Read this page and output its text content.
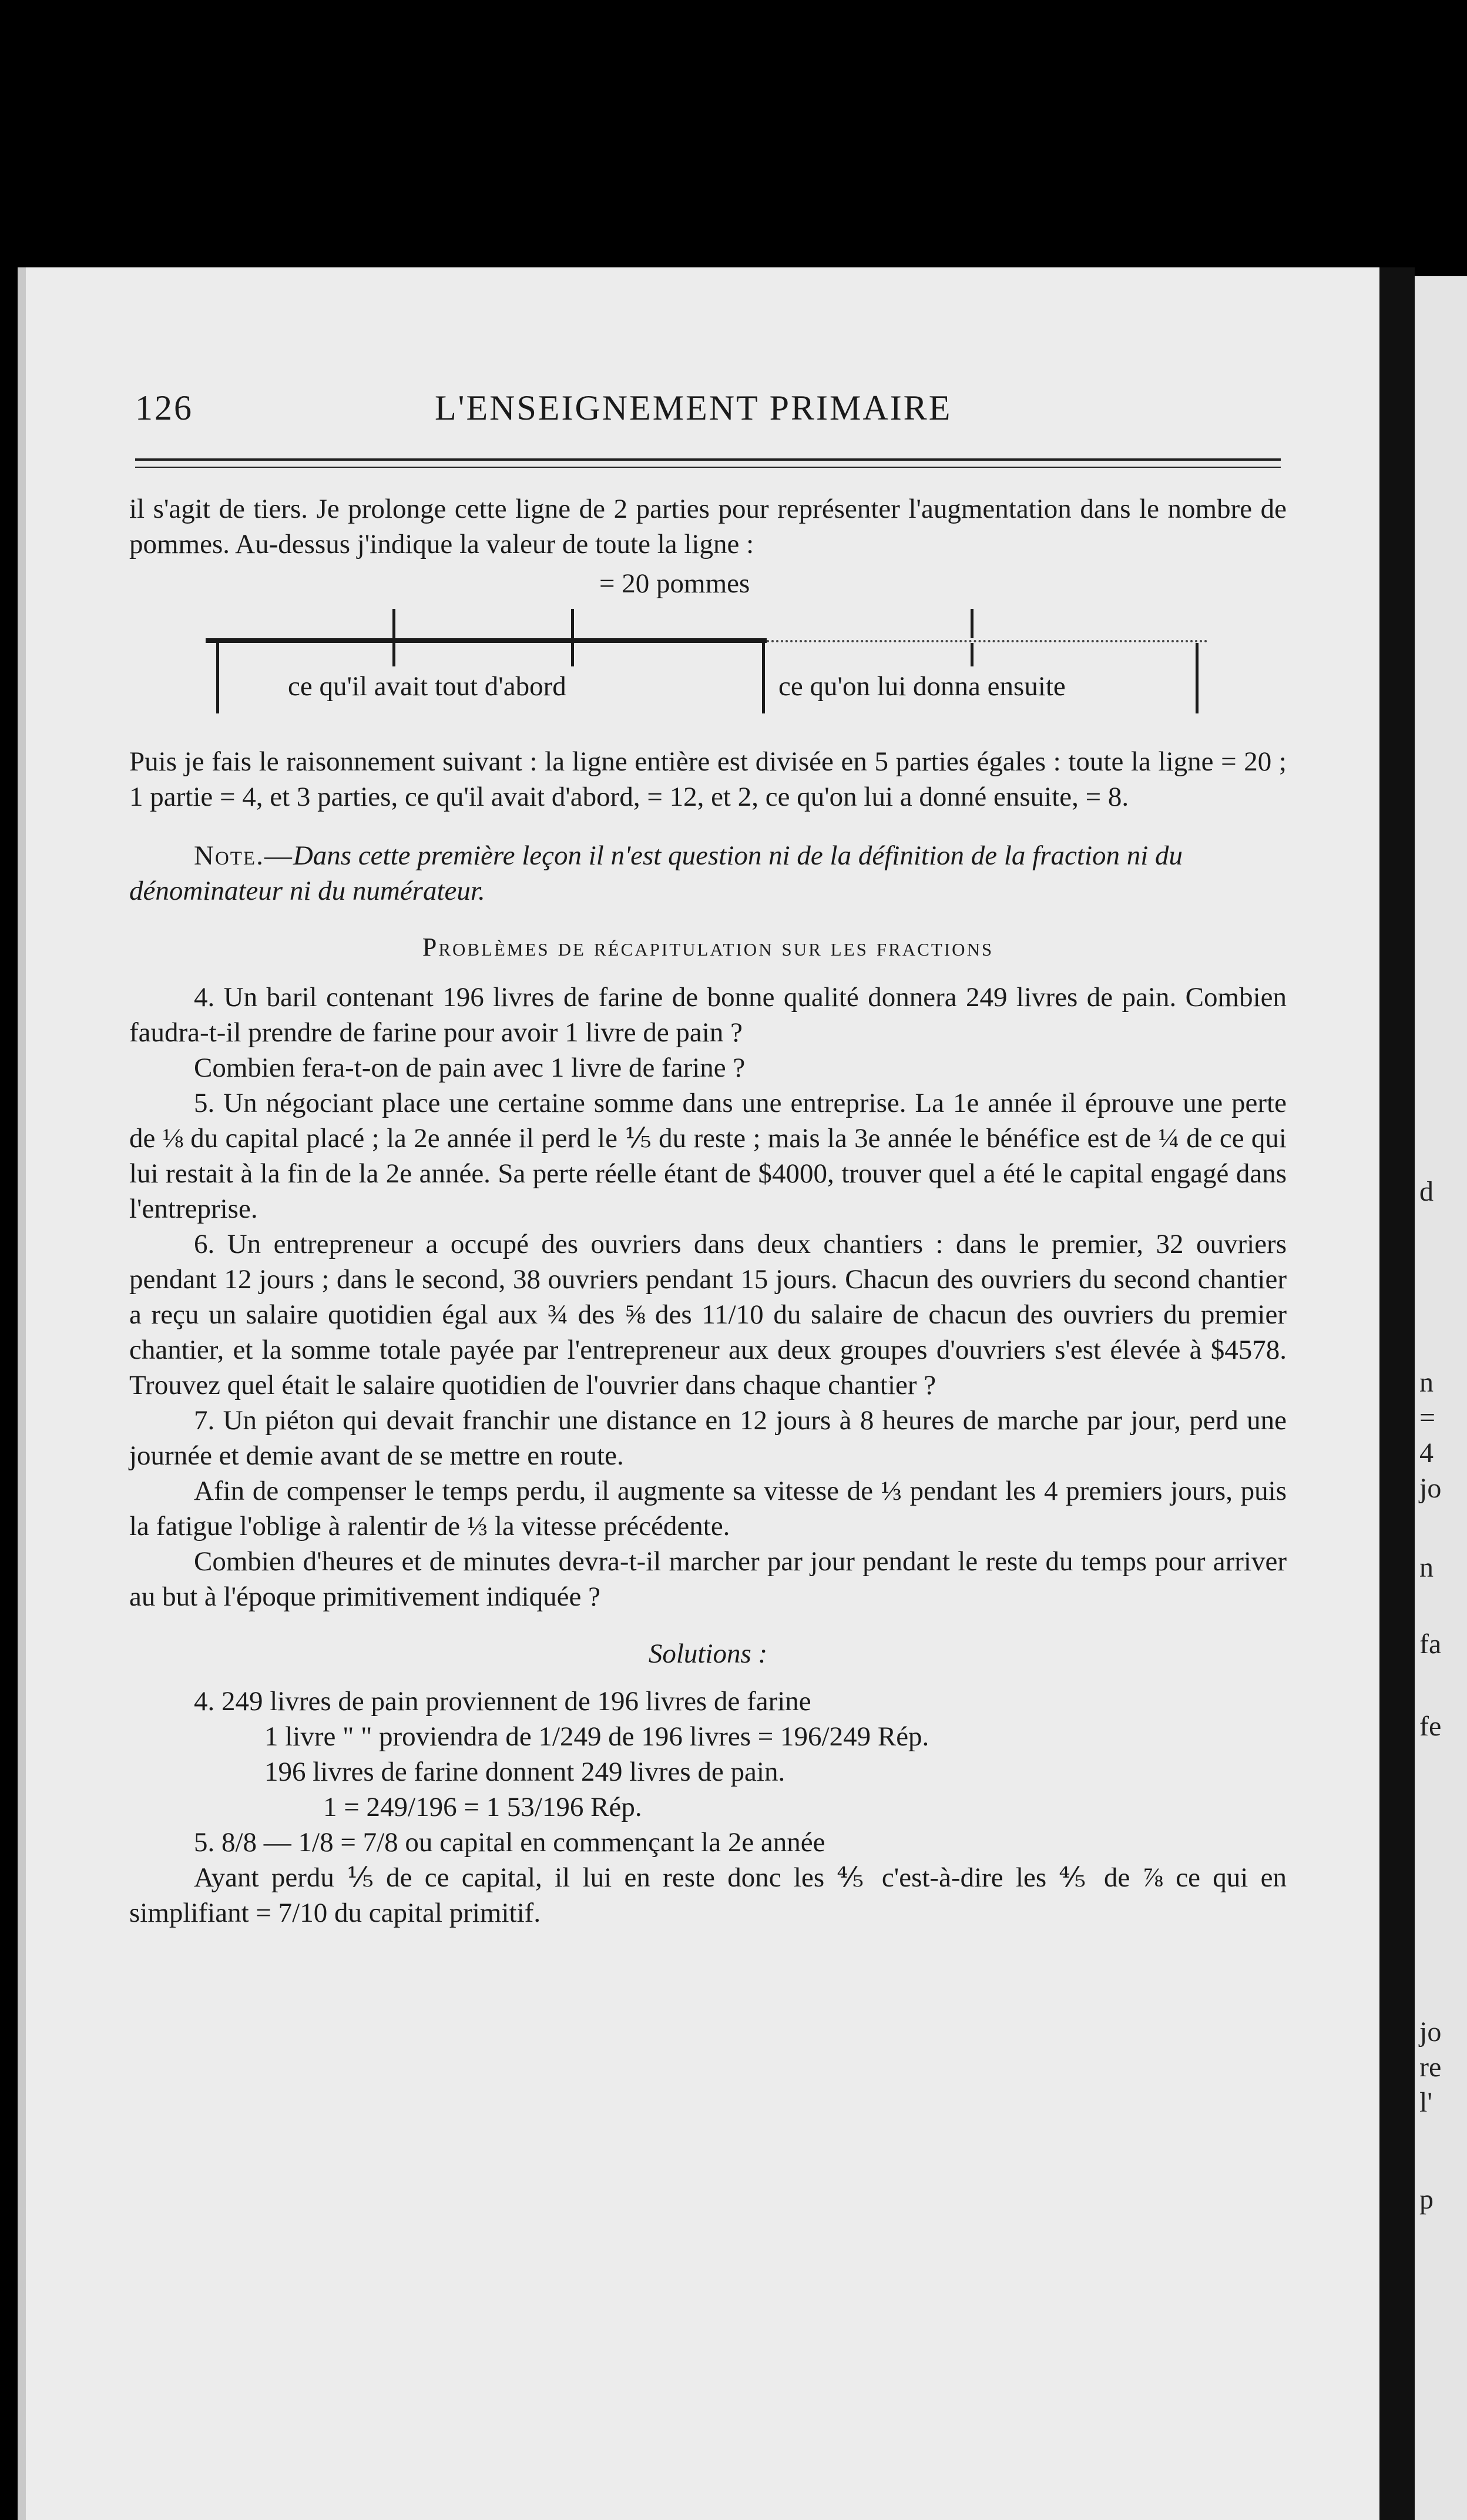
d
n
=
4
jo
n
fa
fe
jo
re
l'
p
126	L'ENSEIGNEMENT PRIMAIRE

il s'agit de tiers. Je prolonge cette ligne de 2 parties pour représenter l'augmentation dans le nombre de pommes. Au-dessus j'indique la valeur de toute la ligne :

= 20 pommes
ce qu'il avait tout d'abord	ce qu'on lui donna ensuite

Puis je fais le raisonnement suivant : la ligne entière est divisée en 5 parties égales : toute la ligne = 20 ; 1 partie = 4, et 3 parties, ce qu'il avait d'abord, = 12, et 2, ce qu'on lui a donné ensuite, = 8.

Note.—Dans cette première leçon il n'est question ni de la définition de la fraction ni du dénominateur ni du numérateur.
Problèmes de récapitulation sur les fractions

4. Un baril contenant 196 livres de farine de bonne qualité donnera 249 livres de pain. Combien faudra-t-il prendre de farine pour avoir 1 livre de pain ?

Combien fera-t-on de pain avec 1 livre de farine ?

5. Un négociant place une certaine somme dans une entreprise. La 1e année il éprouve une perte de ⅛ du capital placé ; la 2e année il perd le ⅕ du reste ; mais la 3e année le bénéfice est de ¼ de ce qui lui restait à la fin de la 2e année. Sa perte réelle étant de $4000, trouver quel a été le capital engagé dans l'entreprise.

6. Un entrepreneur a occupé des ouvriers dans deux chantiers : dans le premier, 32 ouvriers pendant 12 jours ; dans le second, 38 ouvriers pendant 15 jours. Chacun des ouvriers du second chantier a reçu un salaire quotidien égal aux ¾ des ⅝ des 11/10 du salaire de chacun des ouvriers du premier chantier, et la somme totale payée par l'entrepreneur aux deux groupes d'ouvriers s'est élevée à $4578. Trouvez quel était le salaire quotidien de l'ouvrier dans chaque chantier ?

7. Un piéton qui devait franchir une distance en 12 jours à 8 heures de marche par jour, perd une journée et demie avant de se mettre en route.

Afin de compenser le temps perdu, il augmente sa vitesse de ⅓ pendant les 4 premiers jours, puis la fatigue l'oblige à ralentir de ⅓ la vitesse précédente.

Combien d'heures et de minutes devra-t-il marcher par jour pendant le reste du temps pour arriver au but à l'époque primitivement indiquée ?

Solutions :
4. 249 livres de pain proviennent de 196 livres de farine
1 livre " " proviendra de 1/249 de 196 livres = 196/249 Rép.
196 livres de farine donnent 249 livres de pain.
1 = 249/196 = 1 53/196 Rép.
5. 8/8 — 1/8 = 7/8 ou capital en commençant la 2e année

Ayant perdu ⅕ de ce capital, il lui en reste donc les ⅘ c'est-à-dire les ⅘ de ⅞ ce qui en simplifiant = 7/10 du capital primitif.
